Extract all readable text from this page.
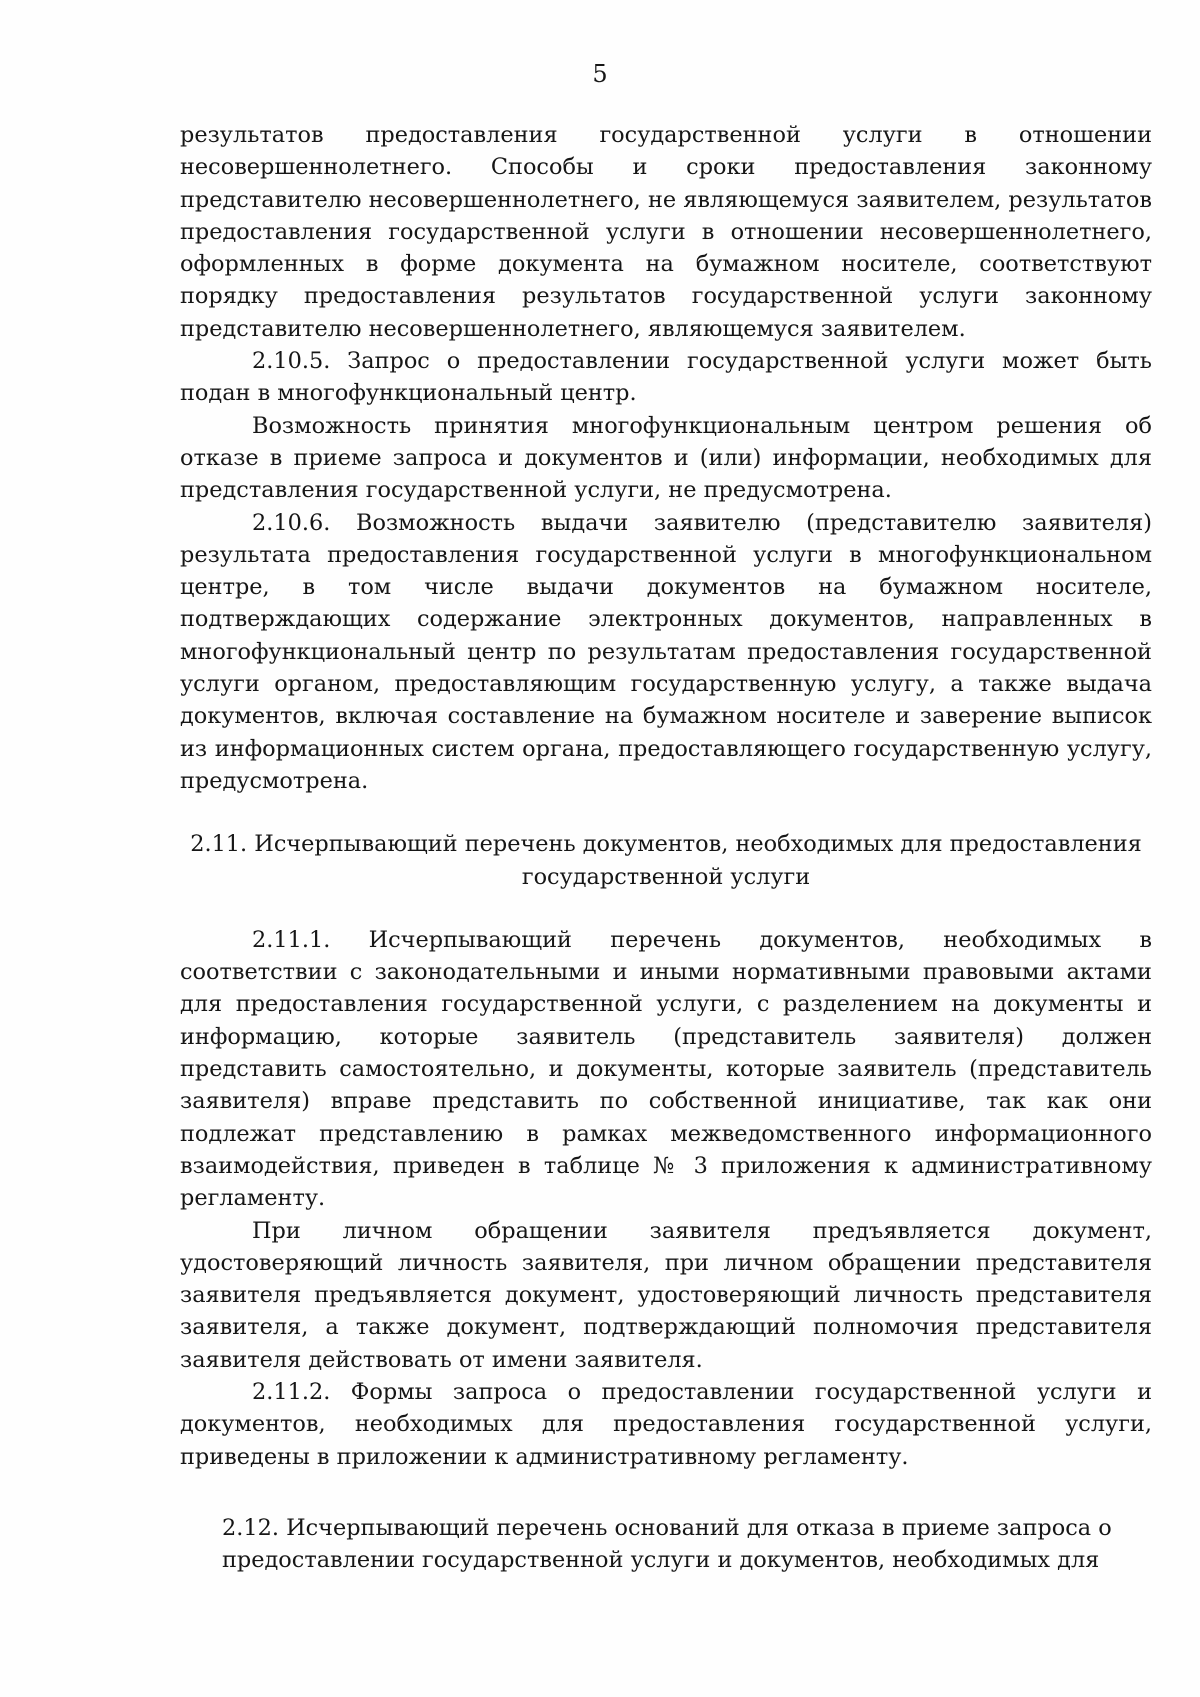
5

результатов предоставления государственной услуги в отношении несовершеннолетнего. Способы и сроки предоставления законному представителю несовершеннолетнего, не являющемуся заявителем, результатов предоставления государственной услуги в отношении несовершеннолетнего, оформленных в форме документа на бумажном носителе, соответствуют порядку предоставления результатов государственной услуги законному представителю несовершеннолетнего, являющемуся заявителем.

2.10.5. Запрос о предоставлении государственной услуги может быть подан в многофункциональный центр.

Возможность принятия многофункциональным центром решения об отказе в приеме запроса и документов и (или) информации, необходимых для представления государственной услуги, не предусмотрена.

2.10.6. Возможность выдачи заявителю (представителю заявителя) результата предоставления государственной услуги в многофункциональном центре, в том числе выдачи документов на бумажном носителе, подтверждающих содержание электронных документов, направленных в многофункциональный центр по результатам предоставления государственной услуги органом, предоставляющим государственную услугу, а также выдача документов, включая составление на бумажном носителе и заверение выписок из информационных систем органа, предоставляющего государственную услугу, предусмотрена.

2.11. Исчерпывающий перечень документов, необходимых для предоставления

государственной услуги

2.11.1. Исчерпывающий перечень документов, необходимых в соответствии с законодательными и иными нормативными правовыми актами для предоставления государственной услуги, с разделением на документы и информацию, которые заявитель (представитель заявителя) должен представить самостоятельно, и документы, которые заявитель (представитель заявителя) вправе представить по собственной инициативе, так как они подлежат представлению в рамках межведомственного информационного взаимодействия, приведен в таблице № 3 приложения к административному регламенту.

При личном обращении заявителя предъявляется документ, удостоверяющий личность заявителя, при личном обращении представителя заявителя предъявляется документ, удостоверяющий личность представителя заявителя, а также документ, подтверждающий полномочия представителя заявителя действовать от имени заявителя.

2.11.2. Формы запроса о предоставлении государственной услуги и документов, необходимых для предоставления государственной услуги, приведены в приложении к административному регламенту.

2.12. Исчерпывающий перечень оснований для отказа в приеме запроса о
предоставлении государственной услуги и документов, необходимых для
